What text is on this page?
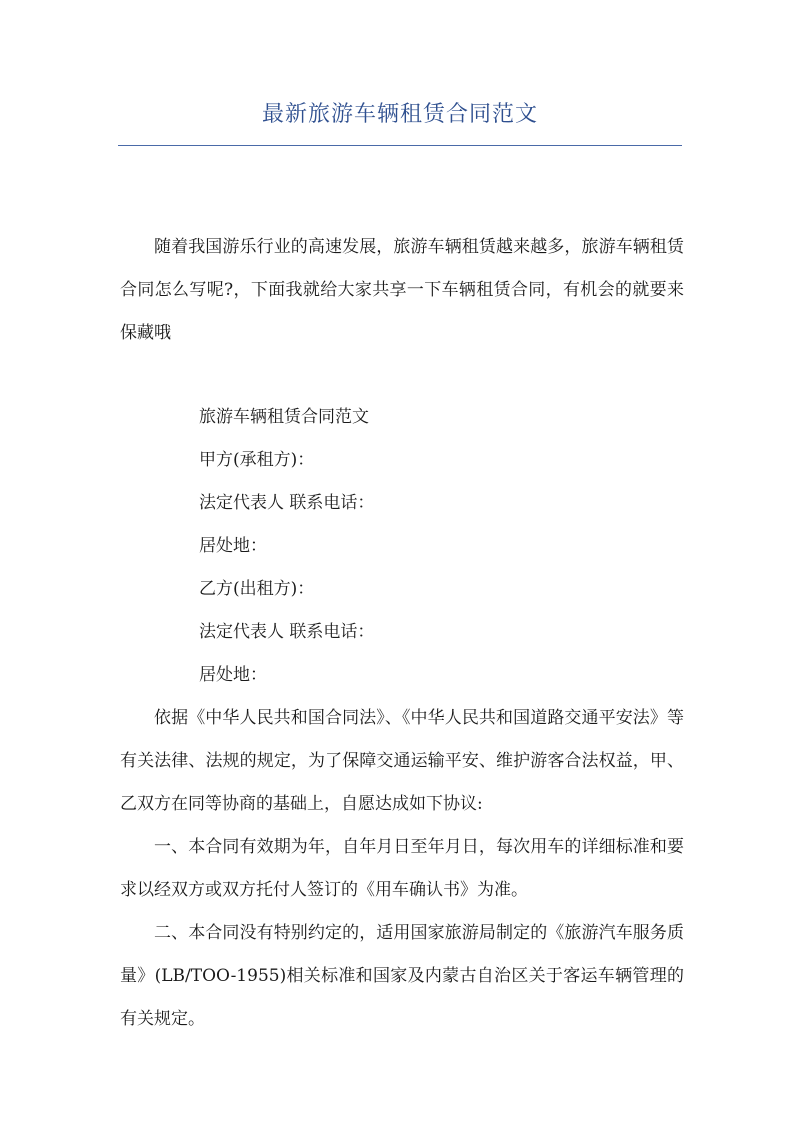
最新旅游车辆租赁合同范文

随着我国游乐行业的高速发展，旅游车辆租赁越来越多，旅游车辆租赁合同怎么写呢?，下面我就给大家共享一下车辆租赁合同，有机会的就要来保藏哦

旅游车辆租赁合同范文

甲方(承租方)：

法定代表人 联系电话：

居处地：

乙方(出租方)：

法定代表人 联系电话：

居处地：

依据《中华人民共和国合同法》、《中华人民共和国道路交通平安法》等有关法律、法规的规定，为了保障交通运输平安、维护游客合法权益，甲、乙双方在同等协商的基础上，自愿达成如下协议:

一、本合同有效期为年，自年月日至年月日，每次用车的详细标准和要求以经双方或双方托付人签订的《用车确认书》为准。

二、本合同没有特别约定的，适用国家旅游局制定的《旅游汽车服务质量》(LB/TOO-1955)相关标准和国家及内蒙古自治区关于客运车辆管理的有关规定。
